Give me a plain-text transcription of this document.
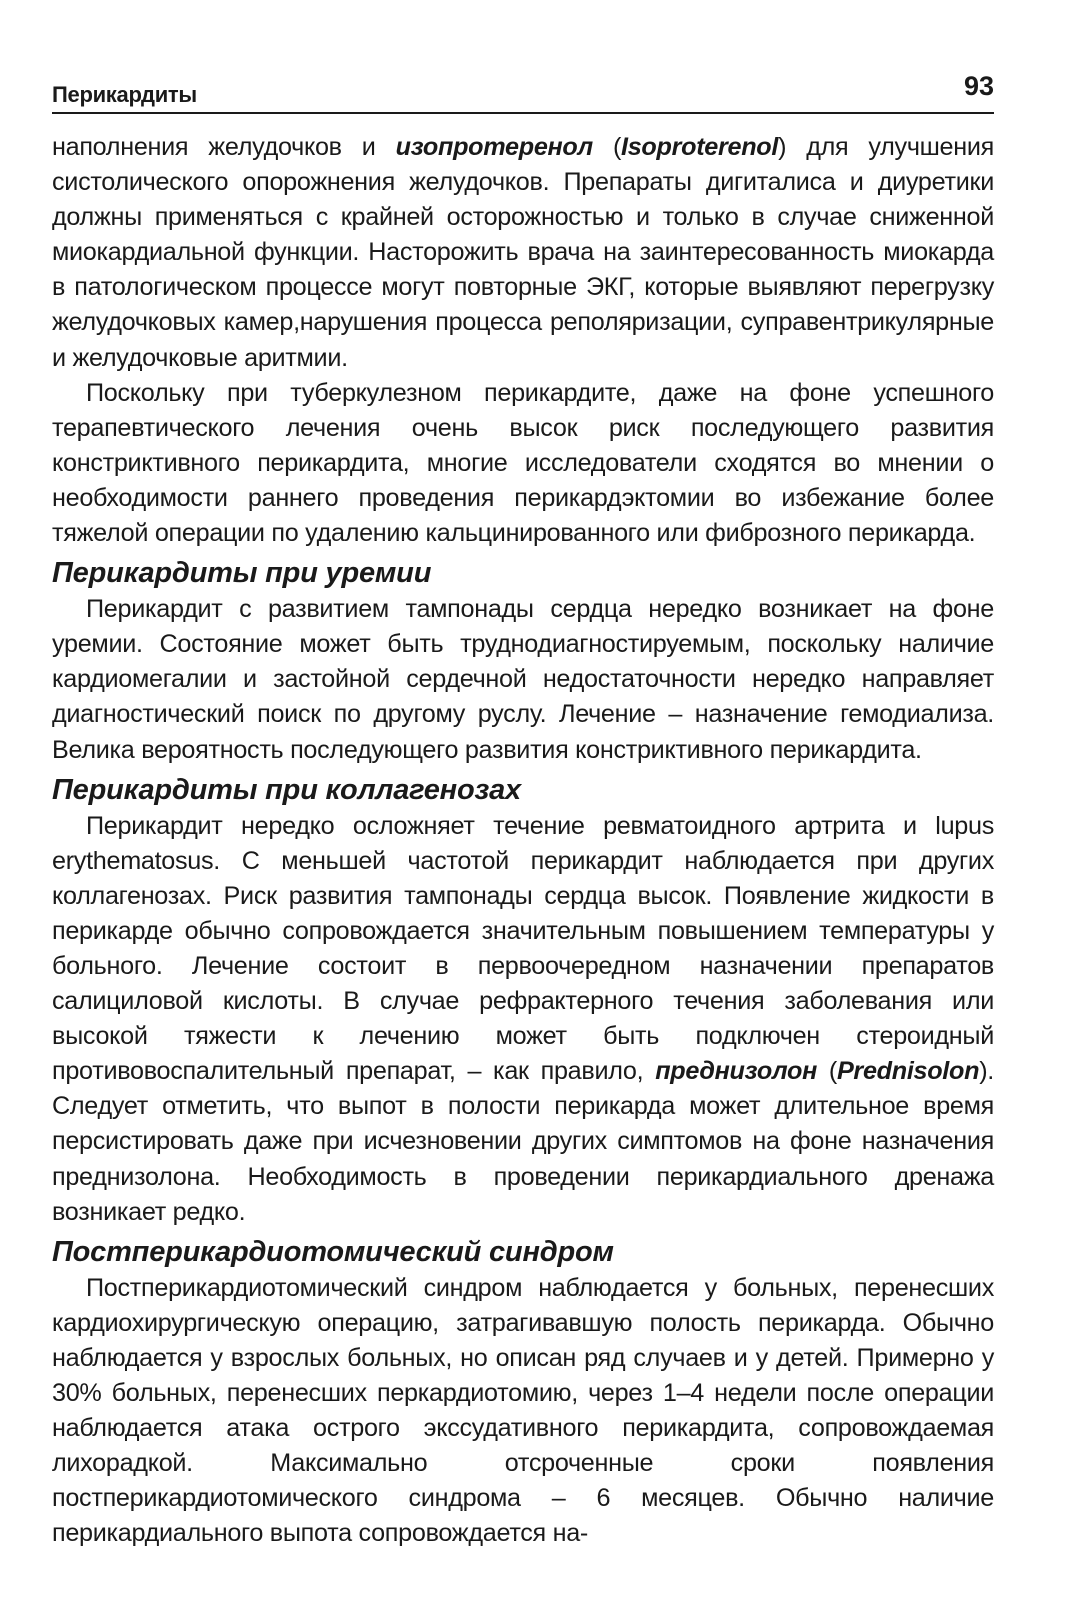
Перикардиты	93

наполнения желудочков и изопротеренол (Isoproterenol) для улучшения систолического опорожнения желудочков. Препараты дигиталиса и диуретики должны применяться с крайней осторожностью и только в случае сниженной миокардиальной функции. Насторожить врача на заинтересованность миокарда в патологическом процессе могут повторные ЭКГ, которые выявляют перегрузку желудочковых камер,нарушения процесса реполяризации, суправентрикулярные и желудочковые аритмии.

Поскольку при туберкулезном перикардите, даже на фоне успешного терапевтического лечения очень высок риск последующего развития констриктивного перикардита, многие исследователи сходятся во мнении о необходимости раннего проведения перикардэктомии во избежание более тяжелой операции по удалению кальцинированного или фиброзного перикарда.

Перикардиты при уремии

Перикардит с развитием тампонады сердца нередко возникает на фоне уремии. Состояние может быть труднодиагностируемым, поскольку наличие кардиомегалии и застойной сердечной недостаточности нередко направляет диагностический поиск по другому руслу. Лечение – назначение гемодиализа. Велика вероятность последующего развития констриктивного перикардита.

Перикардиты при коллагенозах

Перикардит нередко осложняет течение ревматоидного артрита и lupus erythematosus. С меньшей частотой перикардит наблюдается при других коллагенозах. Риск развития тампонады сердца высок. Появление жидкости в перикарде обычно сопровождается значительным повышением температуры у больного. Лечение состоит в первоочередном назначении препаратов салициловой кислоты. В случае рефрактерного течения заболевания или высокой тяжести к лечению может быть подключен стероидный противовоспалительный препарат, – как правило, преднизолон (Prednisolon). Следует отметить, что выпот в полости перикарда может длительное время персистировать даже при исчезновении других симптомов на фоне назначения преднизолона. Необходимость в проведении перикардиального дренажа возникает редко.

Постперикардиотомический синдром

Постперикардиотомический синдром наблюдается у больных, перенесших кардиохирургическую операцию, затрагивавшую полость перикарда. Обычно наблюдается у взрослых больных, но описан ряд случаев и у детей. Примерно у 30% больных, перенесших перкардиотомию, через 1–4 недели после операции наблюдается атака острого экссудативного перикардита, сопровождаемая лихорадкой. Максимально отсроченные сроки появления постперикардиотомического синдрома – 6 месяцев. Обычно наличие перикардиального выпота сопровождается на-
